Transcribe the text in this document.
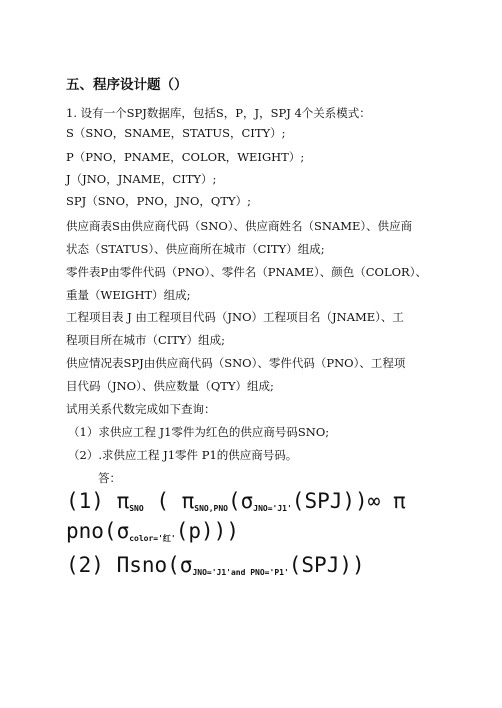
五、程序设计题（）
1. 设有一个SPJ数据库，包括S，P，J，SPJ 4个关系模式：
S（SNO，SNAME，STATUS，CITY）;
P（PNO，PNAME，COLOR，WEIGHT）;
J（JNO，JNAME，CITY）;
SPJ（SNO，PNO，JNO，QTY）;
供应商表S由供应商代码（SNO）、供应商姓名（SNAME）、供应商
状态（STATUS）、供应商所在城市（CITY）组成;
零件表P由零件代码（PNO）、零件名（PNAME）、颜色（COLOR）、
重量（WEIGHT）组成;
工程项目表 J 由工程项目代码（JNO）工程项目名（JNAME）、工
程项目所在城市（CITY）组成;
供应情况表SPJ由供应商代码（SNO）、零件代码（PNO）、工程项
目代码（JNO）、供应数量（QTY）组成;
试用关系代数完成如下查询：
（1）求供应工程 J1零件为红色的供应商号码SNO;
（2）.求供应工程 J1零件 P1的供应商号码。
答：
(1) $\pi_{SNO}$ ( $\pi_{SNO,PNO}(\sigma_{JNO='J1'}(SPJ))\infty$ π
$pno(\sigma_{color='红'}(p))$)
(2) $\Pi sno(\sigma_{JNO='J1'and PNO='P1'}(SPJ))$
